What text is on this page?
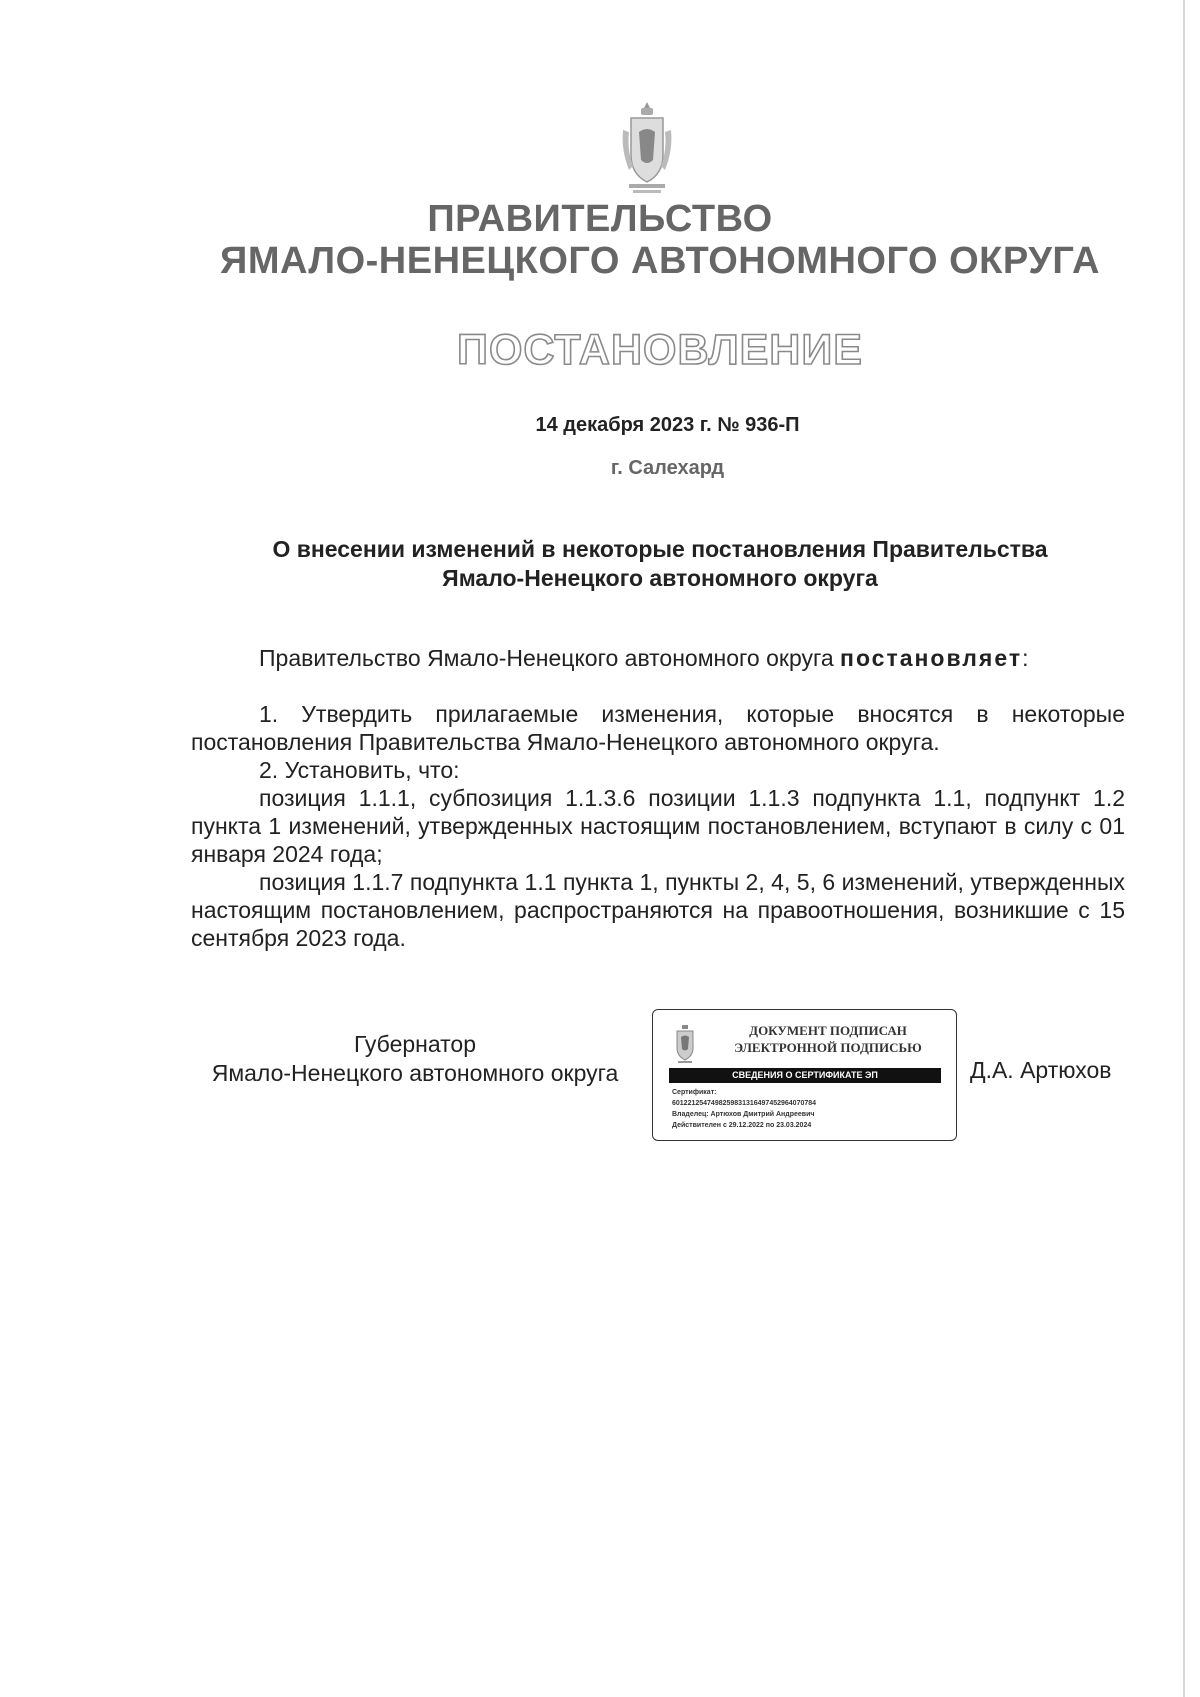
ПРАВИТЕЛЬСТВО
ЯМАЛО-НЕНЕЦКОГО АВТОНОМНОГО ОКРУГА
ПОСТАНОВЛЕНИЕ
14 декабря 2023 г. № 936-П
г. Салехард
О внесении изменений в некоторые постановления Правительства
Ямало-Ненецкого автономного округа

Правительство Ямало-Ненецкого автономного округа постановляет:

1. Утвердить прилагаемые изменения, которые вносятся в некоторые постановления Правительства Ямало-Ненецкого автономного округа.

2. Установить, что:

позиция 1.1.1, субпозиция 1.1.3.6 позиции 1.1.3 подпункта 1.1, подпункт 1.2 пункта 1 изменений, утвержденных настоящим постановлением, вступают в силу с 01 января 2024 года;

позиция 1.1.7 подпункта 1.1 пункта 1, пункты 2, 4, 5, 6 изменений, утвержденных настоящим постановлением, распространяются на правоотношения, возникшие с 15 сентября 2023 года.

Губернатор
Ямало-Ненецкого автономного округа
ДОКУМЕНТ ПОДПИСАН
ЭЛЕКТРОННОЙ ПОДПИСЬЮ
СВЕДЕНИЯ О СЕРТИФИКАТЕ ЭП
Сертификат:
6012212547498259831316497452964070784
Владелец: Артюхов Дмитрий Андреевич
Действителен с 29.12.2022 по 23.03.2024
Д.А. Артюхов
